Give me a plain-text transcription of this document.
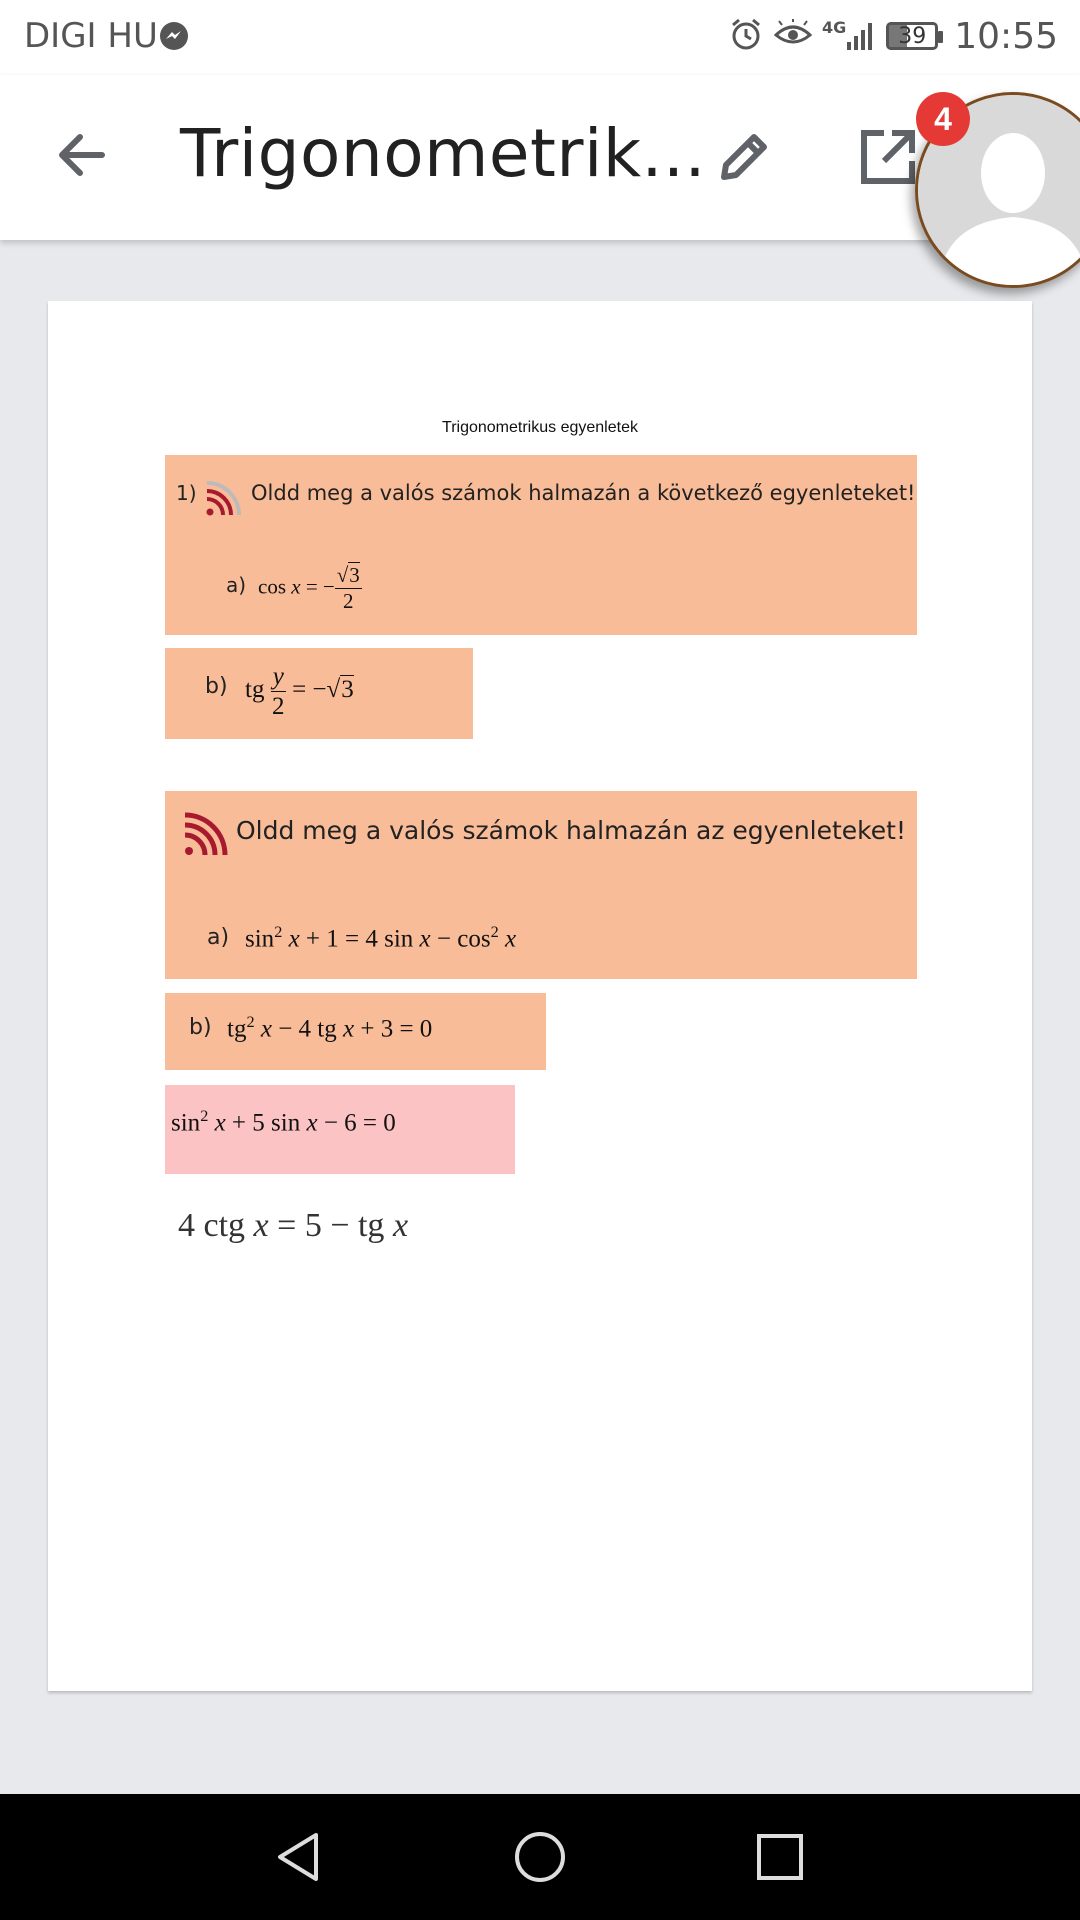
DIGI HU	4G 39 10:55
Trigonometrik...	4
Trigonometrikus egyenletek
1)	Oldd meg a valós számok halmazán a következő egyenleteket!
a) cos x = − $\frac{√3}{2}$
b) tg $\frac{y}{2} = -√3$
Oldd meg a valós számok halmazán az egyenleteket!
a) $\sin^2 x + 1 = 4$ $\sin x - \cos^2 x$
b) $tg^2$ x − 4 tg x + 3 = 0
$\sin^2 x + 5$ sin x − 6 = 0
4 ctg x = 5 − tg x
